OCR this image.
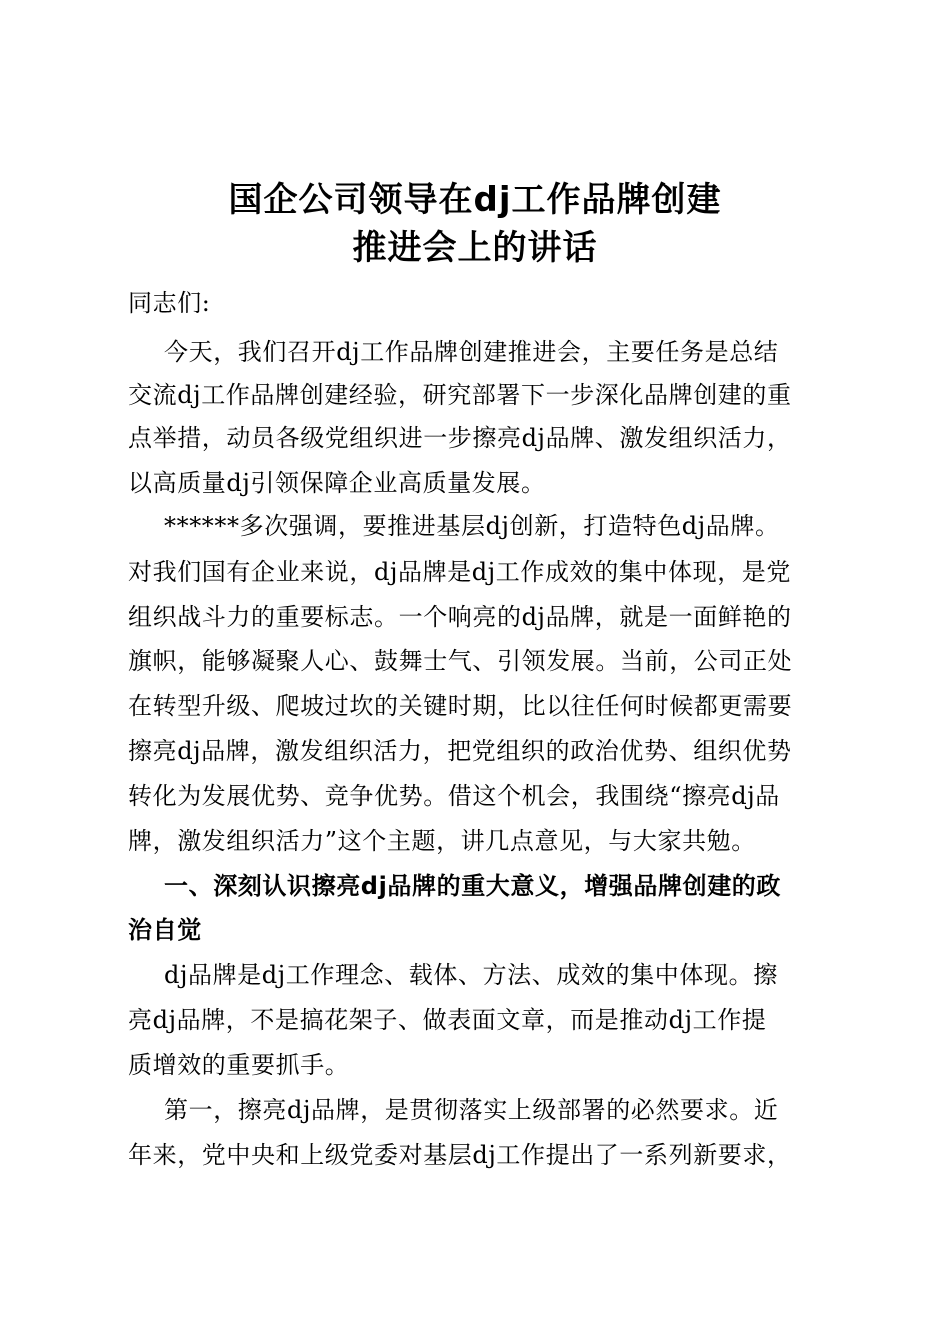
国企公司领导在dj工作品牌创建
推进会上的讲话
同志们:
今天，我们召开dj工作品牌创建推进会，主要任务是总结
交流dj工作品牌创建经验，研究部署下一步深化品牌创建的重
点举措，动员各级党组织进一步擦亮dj品牌、激发组织活力，
以高质量dj引领保障企业高质量发展。
******多次强调，要推进基层dj创新，打造特色dj品牌。
对我们国有企业来说，dj品牌是dj工作成效的集中体现，是党
组织战斗力的重要标志。一个响亮的dj品牌，就是一面鲜艳的
旗帜，能够凝聚人心、鼓舞士气、引领发展。当前，公司正处
在转型升级、爬坡过坎的关键时期，比以往任何时候都更需要
擦亮dj品牌，激发组织活力，把党组织的政治优势、组织优势
转化为发展优势、竞争优势。借这个机会，我围绕“擦亮dj品
牌，激发组织活力”这个主题，讲几点意见，与大家共勉。
一、深刻认识擦亮dj品牌的重大意义，增强品牌创建的政
治自觉
dj品牌是dj工作理念、载体、方法、成效的集中体现。擦
亮dj品牌，不是搞花架子、做表面文章，而是推动dj工作提
质增效的重要抓手。
第一，擦亮dj品牌，是贯彻落实上级部署的必然要求。近
年来，党中央和上级党委对基层dj工作提出了一系列新要求，
